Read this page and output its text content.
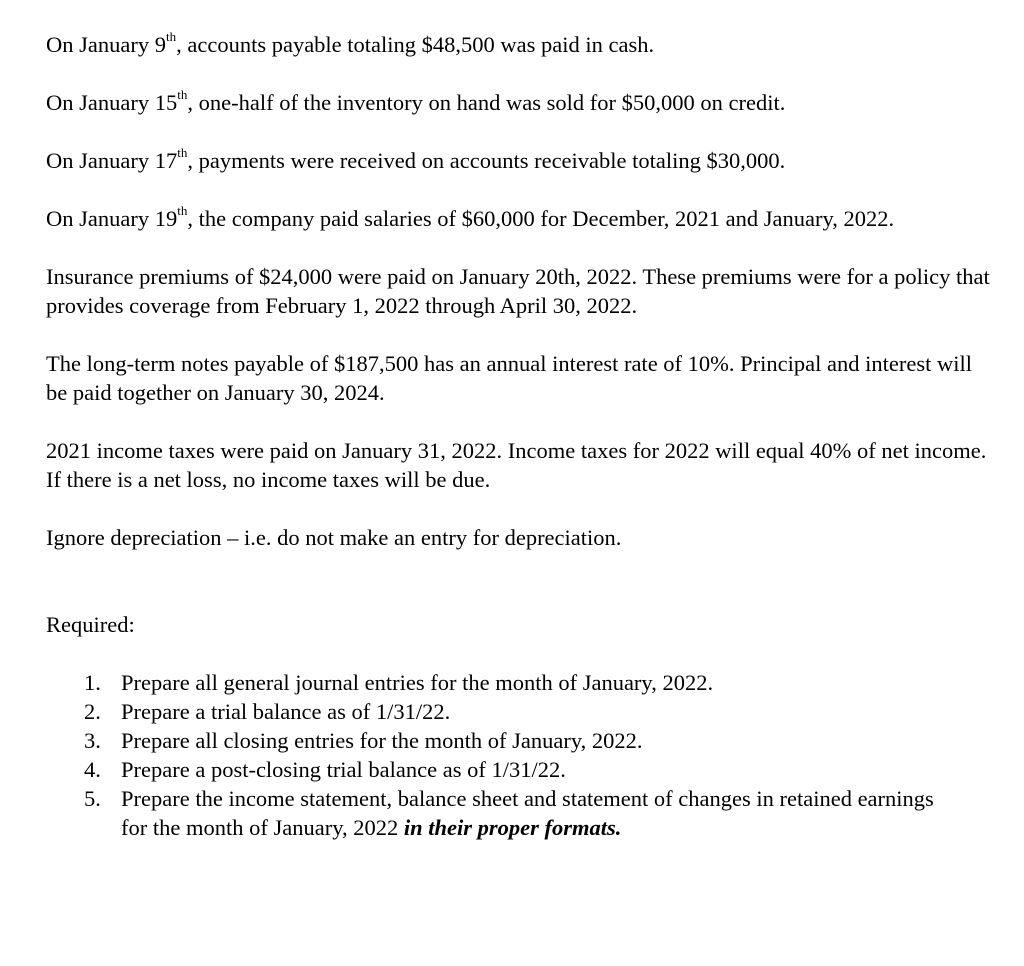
On January 9th, accounts payable totaling $48,500 was paid in cash.

On January 15th, one-half of the inventory on hand was sold for $50,000 on credit.

On January 17th, payments were received on accounts receivable totaling $30,000.

On January 19th, the company paid salaries of $60,000 for December, 2021 and January, 2022.

Insurance premiums of $24,000 were paid on January 20th, 2022. These premiums were for a policy that provides coverage from February 1, 2022 through April 30, 2022.

The long-term notes payable of $187,500 has an annual interest rate of 10%. Principal and interest will be paid together on January 30, 2024.

2021 income taxes were paid on January 31, 2022. Income taxes for 2022 will equal 40% of net income. If there is a net loss, no income taxes will be due.

Ignore depreciation – i.e. do not make an entry for depreciation.

Required:

1. Prepare all general journal entries for the month of January, 2022.
2. Prepare a trial balance as of 1/31/22.
3. Prepare all closing entries for the month of January, 2022.
4. Prepare a post-closing trial balance as of 1/31/22.
5. Prepare the income statement, balance sheet and statement of changes in retained earnings for the month of January, 2022 in their proper formats.
